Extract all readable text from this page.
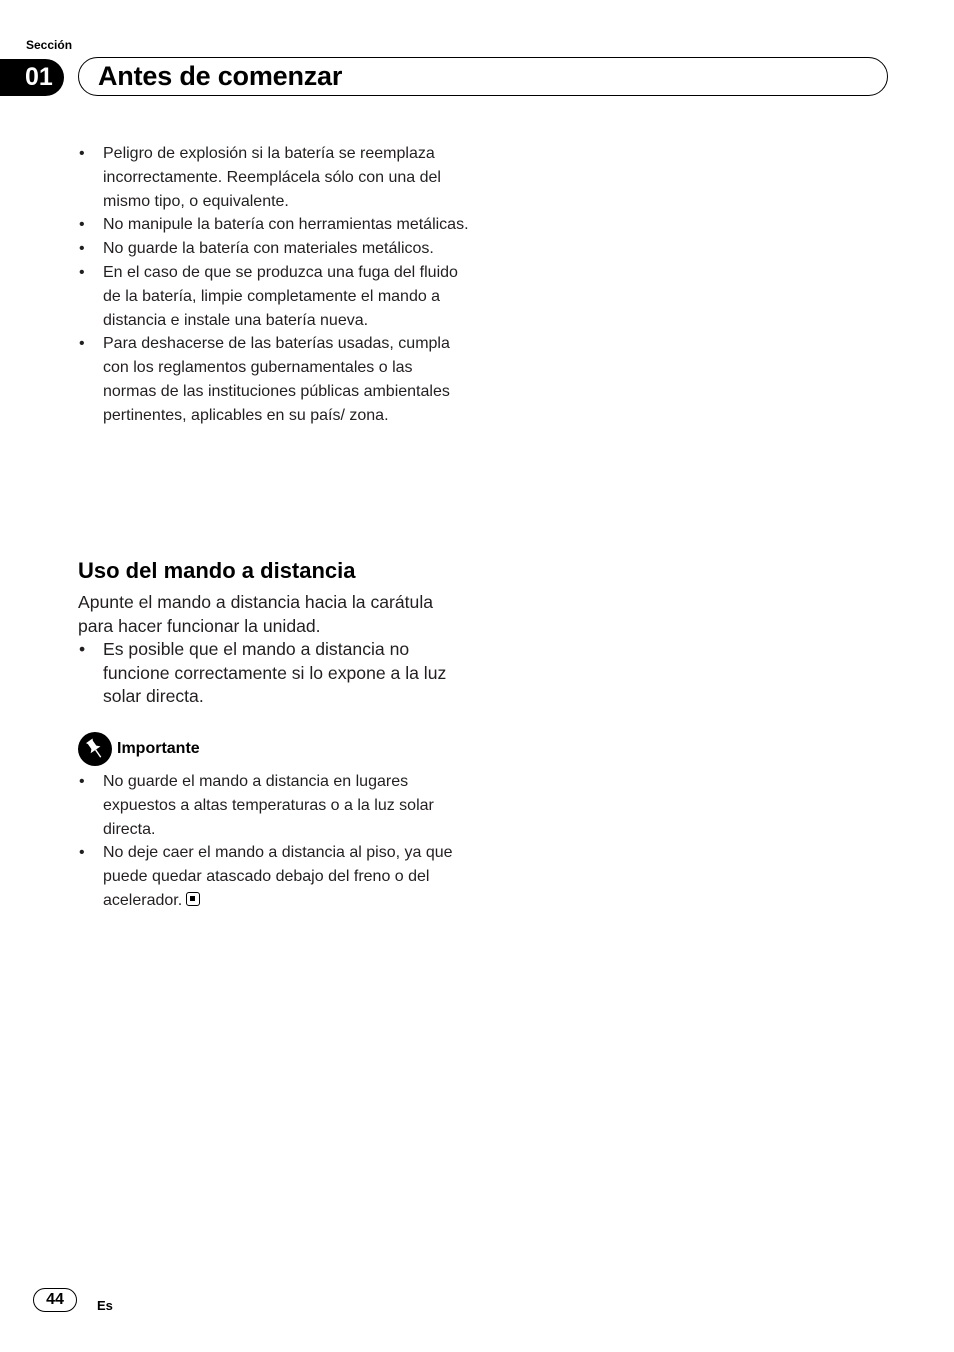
Sección
01	Antes de comenzar
• Peligro de explosión si la batería se reemplaza incorrectamente. Reemplácela sólo con una del mismo tipo, o equivalente.
• No manipule la batería con herramientas metálicas.
• No guarde la batería con materiales metálicos.
• En el caso de que se produzca una fuga del fluido de la batería, limpie completamente el mando a distancia e instale una batería nueva.
• Para deshacerse de las baterías usadas, cumpla con los reglamentos gubernamentales o las normas de las instituciones públicas ambientales pertinentes, aplicables en su país/ zona.
Uso del mando a distancia
Apunte el mando a distancia hacia la carátula para hacer funcionar la unidad.
• Es posible que el mando a distancia no funcione correctamente si lo expone a la luz solar directa.
Importante
• No guarde el mando a distancia en lugares expuestos a altas temperaturas o a la luz solar directa.
• No deje caer el mando a distancia al piso, ya que puede quedar atascado debajo del freno o del acelerador.
44	Es
